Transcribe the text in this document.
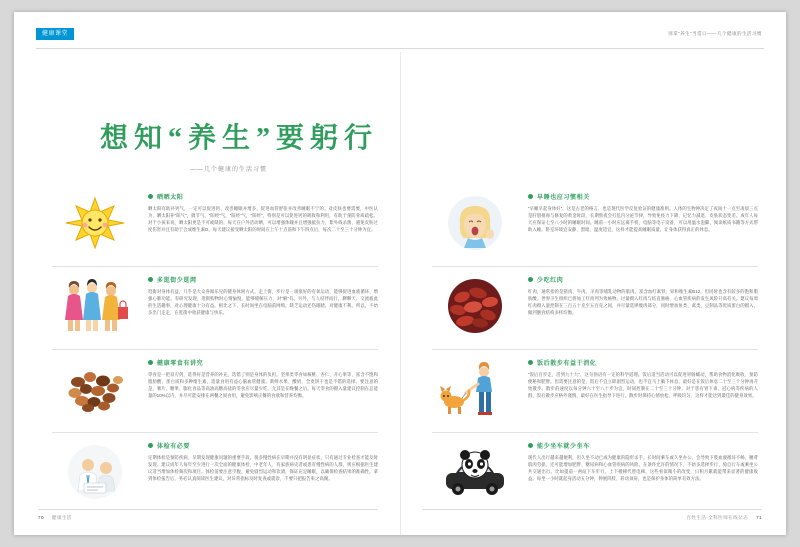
健康课堂	别拿"养生"当借口——几个健康的生活习惯
想知“养生”要躬行
——几个健康的生活习惯
晒晒太阳
晒太阳有助补钙气，一定可以促进钙、改善睡眠并增多，促进血管舒张并改善睡眠不宁的。对皮肤也要需要，中医认为，晒太阳补“阳气”，调节气、“阳经”气，“阳经”气，“阳经”，特别是可以促进钙的吸收和利用，有助于预防骨质疏松。对于小孩来说，晒太阳更是不可或缺的，每天在户外活动晒，可以增强体魄并且增强抵抗力，紫外线杀菌、避免皮肤过度伤害并且有助于合成维生素D。每天建议接受晒太阳的时间在上午十点前和下午四点后，每次二十至三十分钟为宜。
多逛街少逛网
逛街对身体有益，几乎是大众喜闻乐见的健身休闲方式。走上街，步行是一项很好的有氧运动，能够促进血液循环、增强心肺功能。有研究发现，逛街购物时心情愉悦，能够缓解压力，对“解”有。另外，与人结伴而行，聊聊天、交流彼此的生活趣事，对心理健康十分有益。相比之下，长时间坐在电脑前网购，缺乏运动还伤眼睛，对健康不利。所以，不妨多出门走走，在逛街中收获健康与快乐。
健康零食有讲究
零食是一把双刃剑，选得好是营养的补充，选错了则是身体的负担。坚果类零食如核桃、杏仁、开心果等，富含不饱和脂肪酸、蛋白质和多种维生素，适量食用有益心脑血管健康。新鲜水果、酸奶、全麦饼干也是不错的选择。要注意的是，薯片、糖果、膨化食品等高油高糖高盐的零食应尽量少吃，尤其是在晚餐之后。每天零食的摄入量建议控制在总能量的10%以内，并尽可能安排在两餐之间食用，避免影响正餐的食欲和营养均衡。
体检有必要
定期体检是预防疾病、早期发现健康问题的重要手段。很多慢性病在早期并没有明显症状，只有通过专业检查才能及时发现。建议成年人每年至少进行一次全面的健康体检，中老年人、有家族病史者或患有慢性病的人群，则应根据医生建议适当增加体检频次和项目。体检前要注意空腹、避免剧烈运动和饮酒，保证充足睡眠，以确保检查结果的准确性。拿到体检报告后，务必认真阅读医生建议，对异常指标及时复查或就诊，不要只把报告束之高阁。
早睡也应习惯相关
“早睡早起身体好”，这是古老的格言，也是现代医学反复验证的健康准则。人体的生物钟决定了夜间十一点至凌晨三点是肝胆排毒与修复的黄金时段，长期熬夜会打乱内分泌节律，导致免疫力下降、记忆力减退、皮肤状态变差。成年人每天应保证七至八小时的睡眠时间。睡前一小时应远离手机、电脑等电子设备，可以用温水泡脚、阅读纸质书籍等方式帮助入睡。卧室环境宜安静、黑暗、温度适宜，这样才能提高睡眠质量，让身体获得真正的休息。
少吃红肉
红肉，通常指的是猪肉、牛肉、羊肉等哺乳动物的肌肉，富含血红素铁、锌和维生素B12，但同时也含有较多的饱和脂肪酸。世界卫生组织已将加工红肉列为致癌物。过量摄入红肉与结直肠癌、心血管疾病的发生风险升高有关。建议每周红肉摄入量控制在三百五十克至五百克之间，并尽量选择瘦肉部分，同时增加鱼类、禽类、豆制品等优质蛋白的摄入，做到膳食结构多样均衡。
饭后散步有益于消化
“饭后百步走，活到九十九”，这句俗语有一定的科学道理。饭后适当活动可以促进胃肠蠕动，帮助食物消化吸收，预防便秘和肥胖。但需要注意的是，饭后不宜立即剧烈运动，也不宜马上躺下休息，最好是在饭后休息二十至三十分钟再开始散步。散步的速度以每分钟六十至八十步为宜，时间控制在二十至三十分钟。对于患有胃下垂、冠心病等疾病的人群，饭后散步应格外谨慎，最好在医生指导下进行。散步时保持心情放松，呼吸均匀，这样才能达到最佳的健身效果。
能少坐车就少坐车
现代人出行越来越便利，但久坐不动已成为健康的隐形杀手。长时间乘车或久坐办公，会导致下肢血液循环不畅、腰背肌肉劳损，还可能增加肥胖、糖尿病和心血管疾病的风险。在条件允许的情况下，不妨多选择步行、骑自行车或乘坐公共交通出行。比如提前一两站下车步行，上下楼梯代替电梯，这些看似微小的改变，日积月累就能带来显著的健康收益。每坐一小时就起身活动五分钟，伸展四肢、转动颈肩，也是保护身体的简单有效方法。
70 健康生活	百姓生活·全科医师在线杂志 71
